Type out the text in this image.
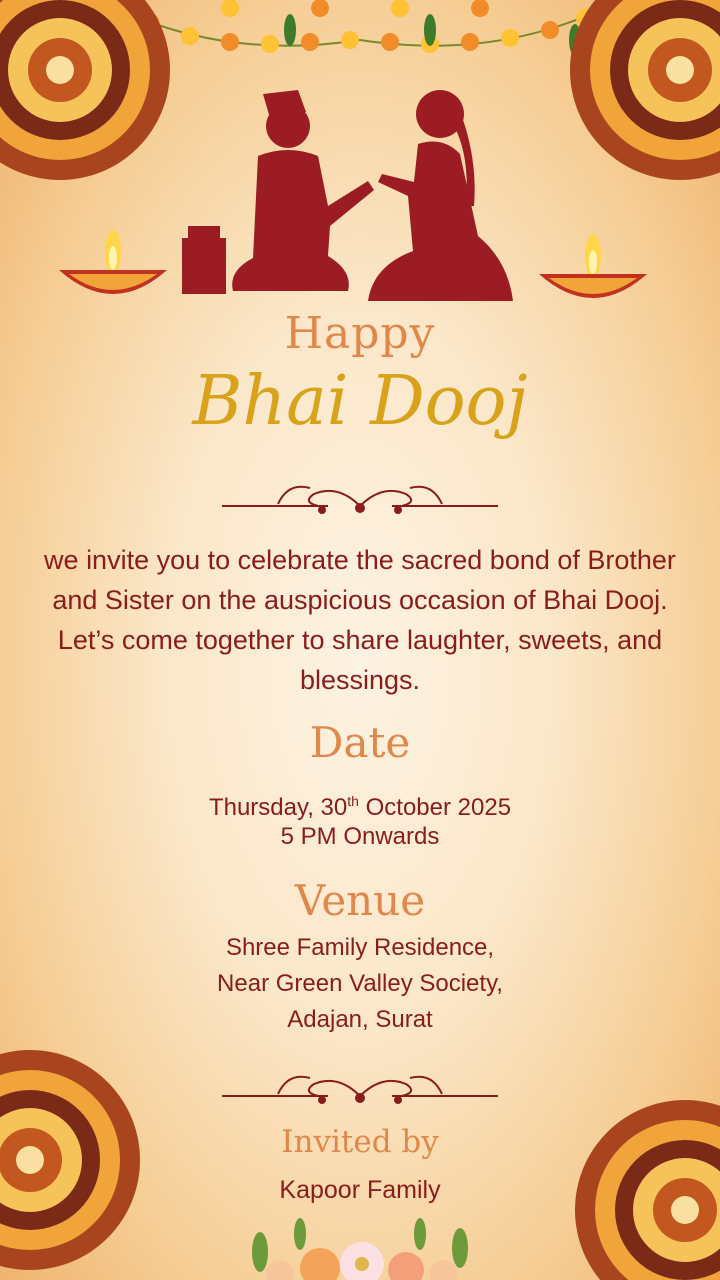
Happy
Bhai Dooj
we invite you to celebrate the sacred bond of Brother and Sister on the auspicious occasion of Bhai Dooj. Let’s come together to share laughter, sweets, and blessings.
Date
Thursday, 30th October 2025
5 PM Onwards
Venue
Shree Family Residence,
Near Green Valley Society,
Adajan, Surat
Invited by
Kapoor Family
